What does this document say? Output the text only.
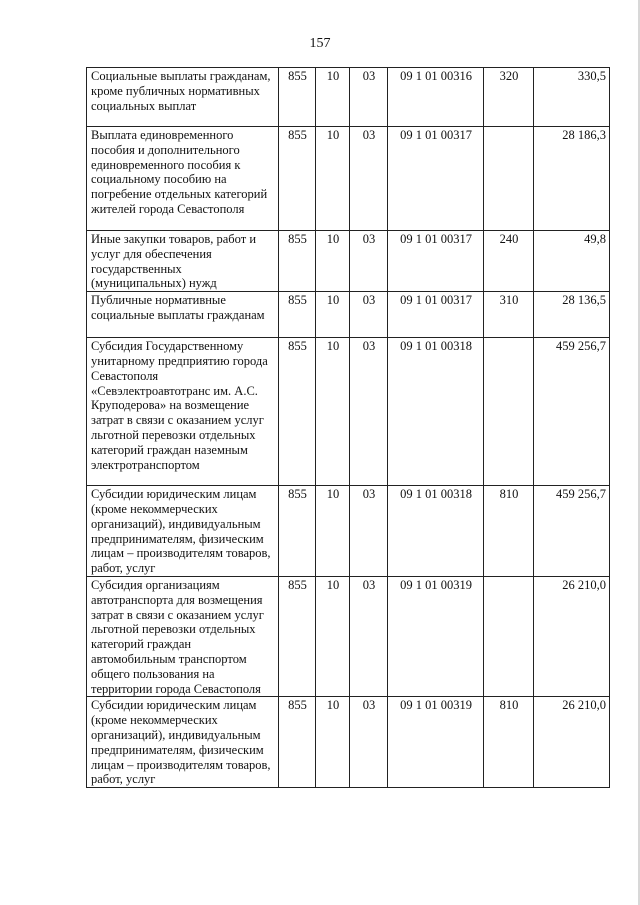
157
Социальные выплаты гражданам, кроме публичных нормативных социальных выплат	855	10	03	09 1 01 00316	320	330,5
Выплата единовременного пособия и дополнительного единовременного пособия к социальному пособию на погребение отдельных категорий жителей города Севастополя	855	10	03	09 1 01 00317		28 186,3
Иные закупки товаров, работ и услуг для обеспечения государственных (муниципальных) нужд	855	10	03	09 1 01 00317	240	49,8
Публичные нормативные социальные выплаты гражданам	855	10	03	09 1 01 00317	310	28 136,5
Субсидия Государственному унитарному предприятию города Севастополя «Севэлектроавтотранс им. А.С. Круподерова» на возмещение затрат в связи с оказанием услуг льготной перевозки отдельных категорий граждан наземным электротранспортом	855	10	03	09 1 01 00318		459 256,7
Субсидии юридическим лицам (кроме некоммерческих организаций), индивидуальным предпринимателям, физическим лицам – производителям товаров, работ, услуг	855	10	03	09 1 01 00318	810	459 256,7
Субсидия организациям автотранспорта для возмещения затрат в связи с оказанием услуг льготной перевозки отдельных категорий граждан автомобильным транспортом общего пользования на территории города Севастополя	855	10	03	09 1 01 00319		26 210,0
Субсидии юридическим лицам (кроме некоммерческих организаций), индивидуальным предпринимателям, физическим лицам – производителям товаров, работ, услуг	855	10	03	09 1 01 00319	810	26 210,0
